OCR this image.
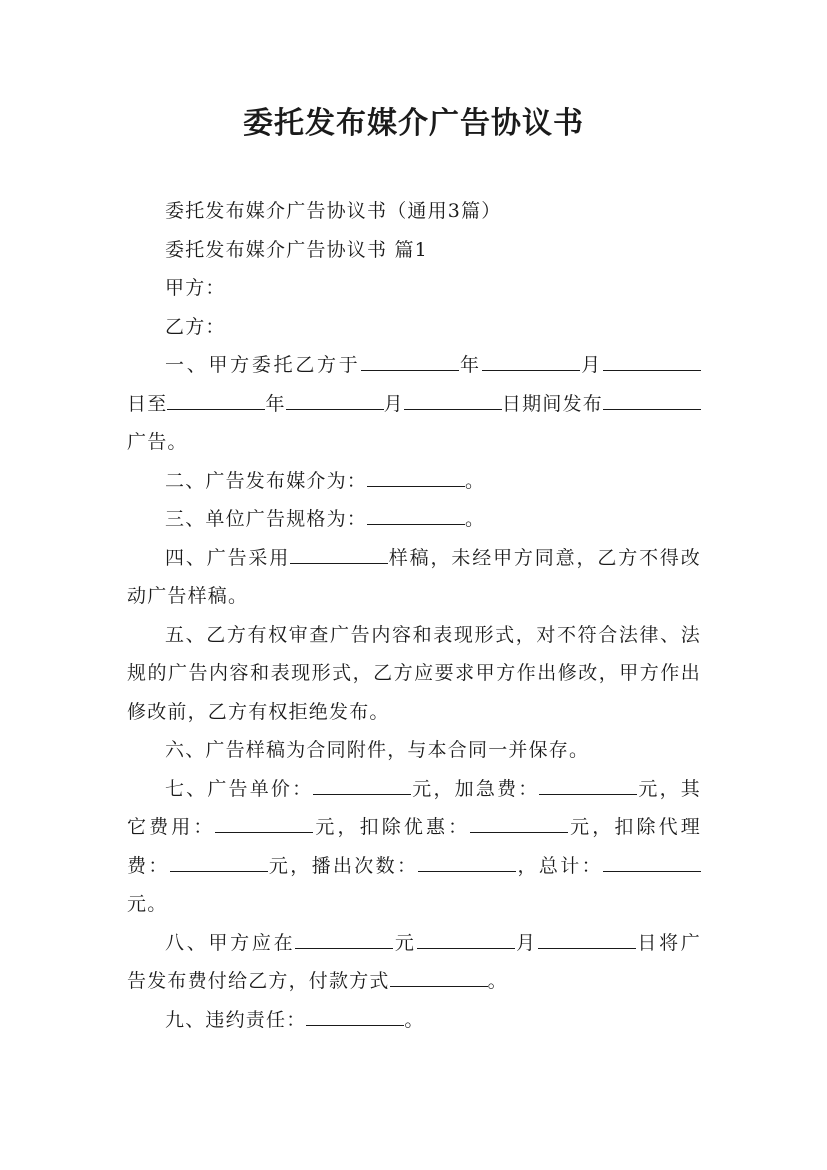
委托发布媒介广告协议书

委托发布媒介广告协议书（通用3篇）

委托发布媒介广告协议书 篇1

甲方：

乙方：

一、甲方委托乙方于	年	月日至	年	月	日期间发布广告。

二、广告发布媒介为：	。

三、单位广告规格为：	。

四、广告采用	样稿，未经甲方同意，乙方不得改动广告样稿。

五、乙方有权审查广告内容和表现形式，对不符合法律、法规的广告内容和表现形式，乙方应要求甲方作出修改，甲方作出修改前，乙方有权拒绝发布。

六、广告样稿为合同附件，与本合同一并保存。

七、广告单价：	元，加急费：	元，其它费用：	元，扣除优惠：	元，扣除代理费：	元，播出次数：	，总计：元。

八、甲方应在	元	月	日将广告发布费付给乙方，付款方式	。

九、违约责任：	。
